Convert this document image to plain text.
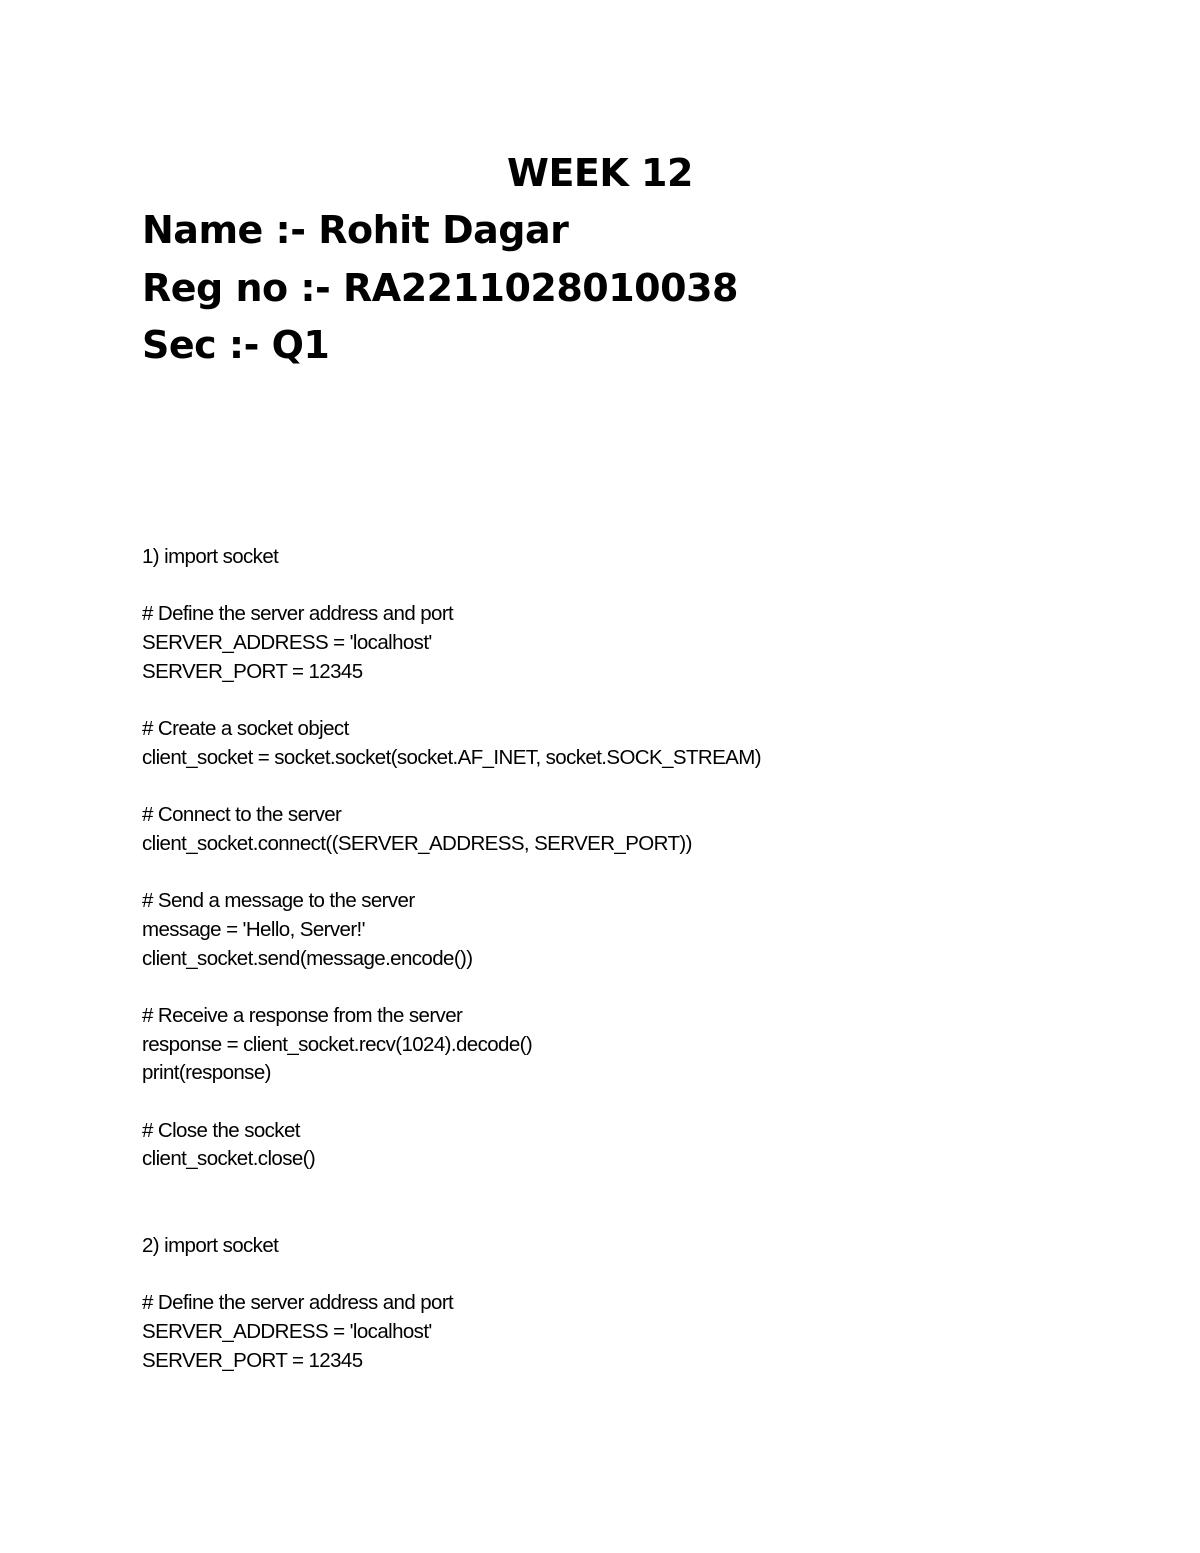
WEEK 12
Name :- Rohit Dagar
Reg no :- RA2211028010038
Sec :- Q1
1) import socket
# Define the server address and port
SERVER_ADDRESS = 'localhost'
SERVER_PORT = 12345
# Create a socket object
client_socket = socket.socket(socket.AF_INET, socket.SOCK_STREAM)
# Connect to the server
client_socket.connect((SERVER_ADDRESS, SERVER_PORT))
# Send a message to the server
message = 'Hello, Server!'
client_socket.send(message.encode())
# Receive a response from the server
response = client_socket.recv(1024).decode()
print(response)
# Close the socket
client_socket.close()
2) import socket
# Define the server address and port
SERVER_ADDRESS = 'localhost'
SERVER_PORT = 12345
